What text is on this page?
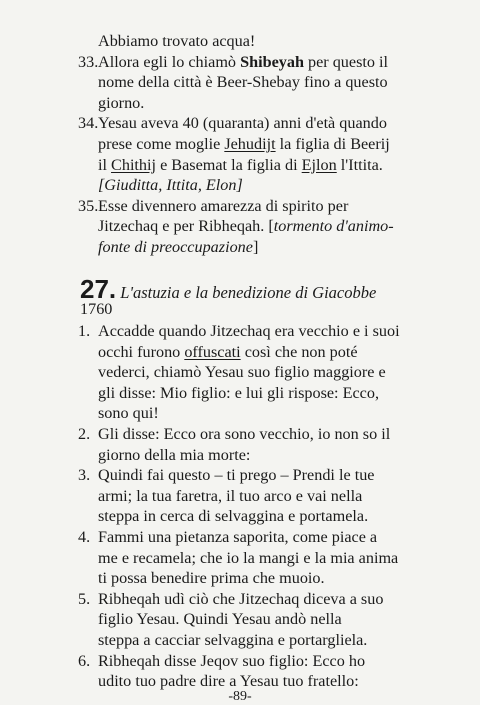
Abbiamo trovato acqua!
33. Allora egli lo chiamò Shibeyah per questo il
nome della città è Beer-Shebay fino a questo
giorno.
34. Yesau aveva 40 (quaranta) anni d'età quando
prese come moglie Jehudijt la figlia di Beerij
il Chithij e Basemat la figlia di Ejlon l'Ittita.
[Giuditta, Ittita, Elon]
35. Esse divennero amarezza di spirito per
Jitzechaq e per Ribheqah. [tormento d'animo-
fonte di preoccupazione]
27. L'astuzia e la benedizione di Giacobbe
1760
1. Accadde quando Jitzechaq era vecchio e i suoi
occhi furono offuscati così che non poté
vederci, chiamò Yesau suo figlio maggiore e
gli disse: Mio figlio: e lui gli rispose: Ecco,
sono qui!
2. Gli disse: Ecco ora sono vecchio, io non so il
giorno della mia morte:
3. Quindi fai questo – ti prego – Prendi le tue
armi; la tua faretra, il tuo arco e vai nella
steppa in cerca di selvaggina e portamela.
4. Fammi una pietanza saporita, come piace a
me e recamela; che io la mangi e la mia anima
ti possa benedire prima che muoio.
5. Ribheqah udì ciò che Jitzechaq diceva a suo
-89-
figlio Yesau. Quindi Yesau andò nella
steppa a cacciar selvaggina e portargliela.
6. Ribheqah disse Jeqov suo figlio: Ecco ho
udito tuo padre dire a Yesau tuo fratello:
